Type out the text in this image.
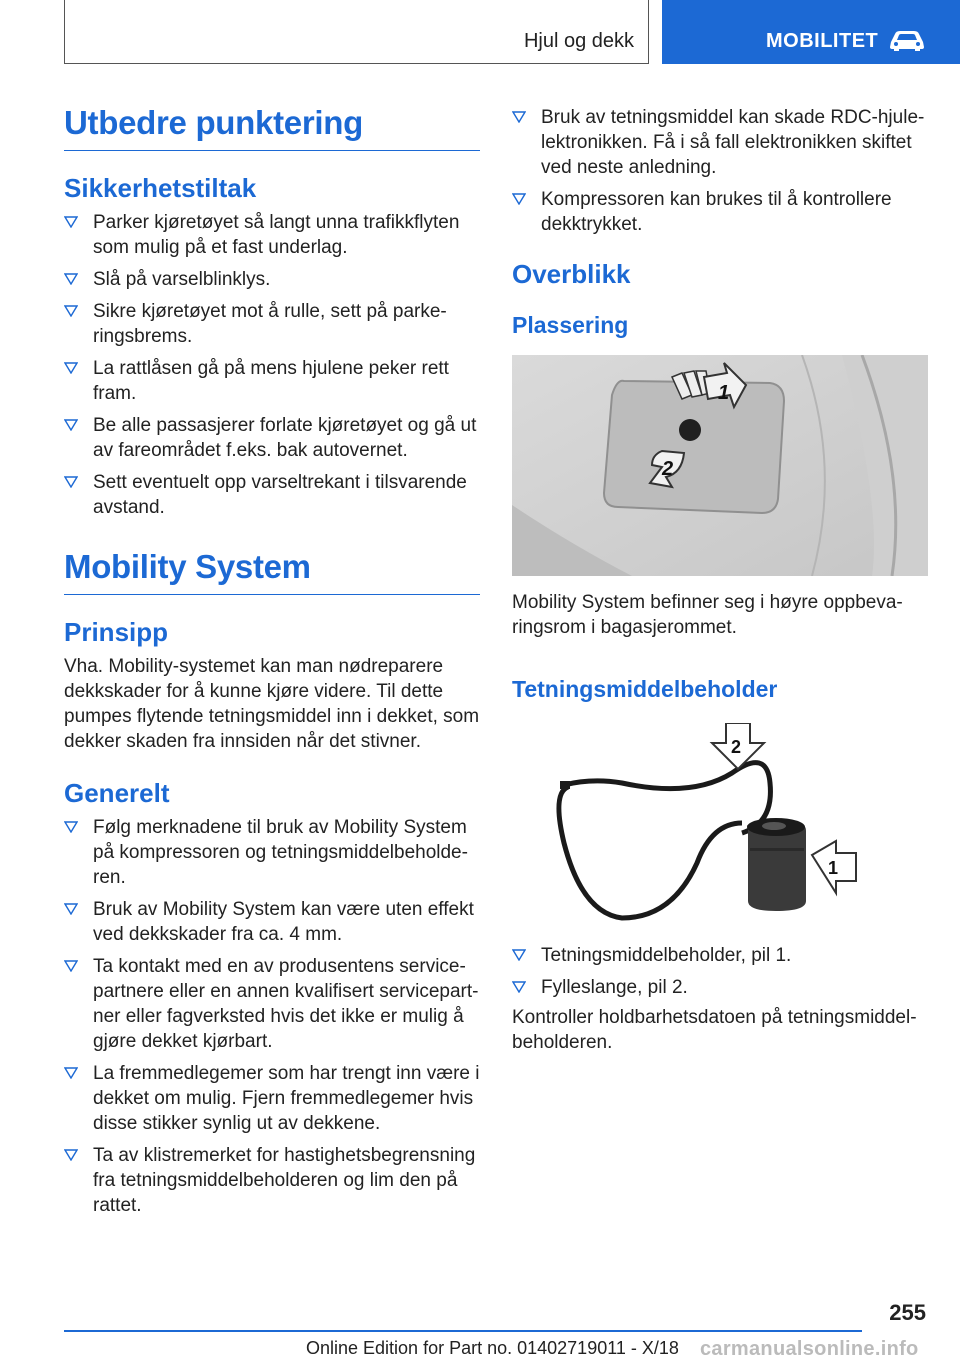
Hjul og dekk	MOBILITET
Utbedre punktering
Sikkerhetstiltak
Parker kjøretøyet så langt unna trafikkflyten som mulig på et fast underlag.
Slå på varselblinklys.
Sikre kjøretøyet mot å rulle, sett på parkeringsbrems.
La rattlåsen gå på mens hjulene peker rett fram.
Be alle passasjerer forlate kjøretøyet og gå ut av fareområdet f.eks. bak autovernet.
Sett eventuelt opp varseltrekant i tilsvarende avstand.
Mobility System
Prinsipp

Vha. Mobility-systemet kan man nødreparere dekkskader for å kunne kjøre videre. Til dette pumpes flytende tetningsmiddel inn i dekket, som dekker skaden fra innsiden når det stivner.

Generelt
Følg merknadene til bruk av Mobility System på kompressoren og tetningsmiddelbeholderen.
Bruk av Mobility System kan være uten effekt ved dekkskader fra ca. 4 mm.
Ta kontakt med en av produsentens servicepartnere eller en annen kvalifisert servicepartner eller fagverksted hvis det ikke er mulig å gjøre dekket kjørbart.
La fremmedlegemer som har trengt inn være i dekket om mulig. Fjern fremmedlegemer hvis disse stikker synlig ut av dekkene.
Ta av klistremerket for hastighetsbegrensning fra tetningsmiddelbeholderen og lim den på rattet.
Bruk av tetningsmiddel kan skade RDC-hjulelektronikken. Få i så fall elektronikken skiftet ved neste anledning.
Kompressoren kan brukes til å kontrollere dekktrykket.
Overblikk
Plassering
1
2

Mobility System befinner seg i høyre oppbevaringsrom i bagasjerommet.

Tetningsmiddelbeholder
2
1
Tetningsmiddelbeholder, pil 1.
Fylleslange, pil 2.

Kontroller holdbarhetsdatoen på tetningsmiddelbeholderen.

255
Online Edition for Part no. 01402719011 - X/18 carmanualsonline.info
